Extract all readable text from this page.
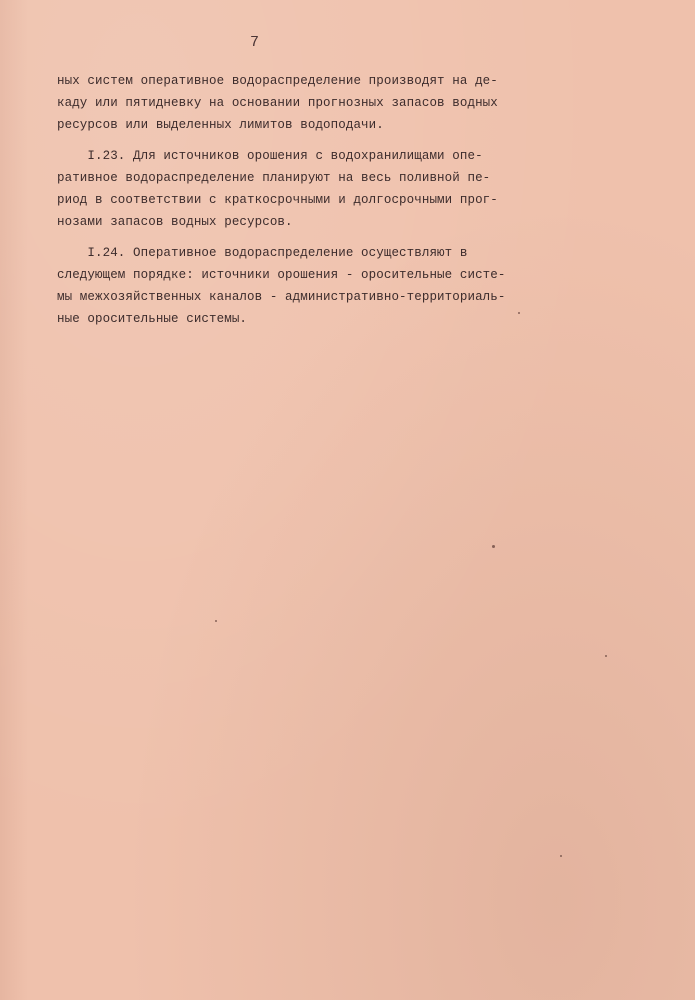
7
ных систем оперативное водораспределение производят на де-
каду или пятидневку на основании прогнозных запасов водных
ресурсов или выделенных лимитов водоподачи.
I.23. Для источников орошения с водохранилищами опе-
ративное водораспределение планируют на весь поливной пе-
риод в соответствии с краткосрочными и долгосрочными прог-
нозами запасов водных ресурсов.
I.24. Оперативное водораспределение осуществляют в
следующем порядке: источники орошения - оросительные систе-
мы межхозяйственных каналов - административно-территориаль-
ные оросительные системы.
